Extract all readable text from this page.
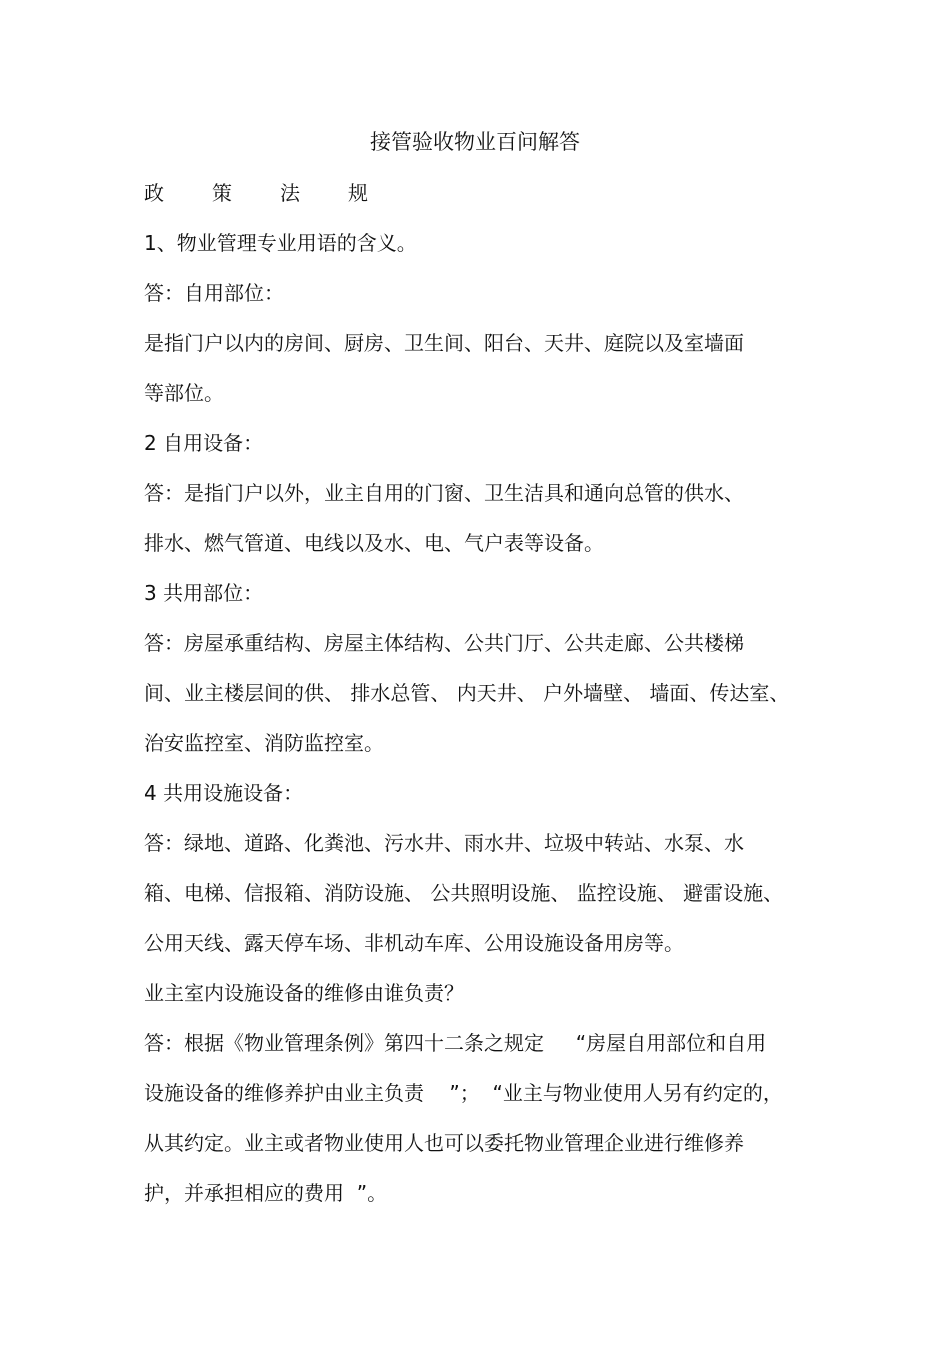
接管验收物业百问解答
政	策	法	规
1、物业管理专业用语的含义。
答：自用部位：
是指门户以内的房间、厨房、卫生间、阳台、天井、庭院以及室墙面
等部位。
2 自用设备：
答：是指门户以外，业主自用的门窗、卫生洁具和通向总管的供水、
排水、燃气管道、电线以及水、电、气户表等设备。
3 共用部位：
答：房屋承重结构、房屋主体结构、公共门厅、公共走廊、公共楼梯
间、业主楼层间的供、 排水总管、 内天井、 户外墙壁、 墙面、传达室、
治安监控室、消防监控室。
4 共用设施设备：
答：绿地、道路、化粪池、污水井、雨水井、垃圾中转站、水泵、水
箱、电梯、信报箱、消防设施、 公共照明设施、 监控设施、 避雷设施、
公用天线、露天停车场、非机动车库、公用设施设备用房等。
业主室内设施设备的维修由谁负责？
答：根据《物业管理条例》第四十二条之规定     “房屋自用部位和自用
设施设备的维修养护由业主负责    ”；  “业主与物业使用人另有约定的，
从其约定。业主或者物业使用人也可以委托物业管理企业进行维修养
护，并承担相应的费用  ”。
